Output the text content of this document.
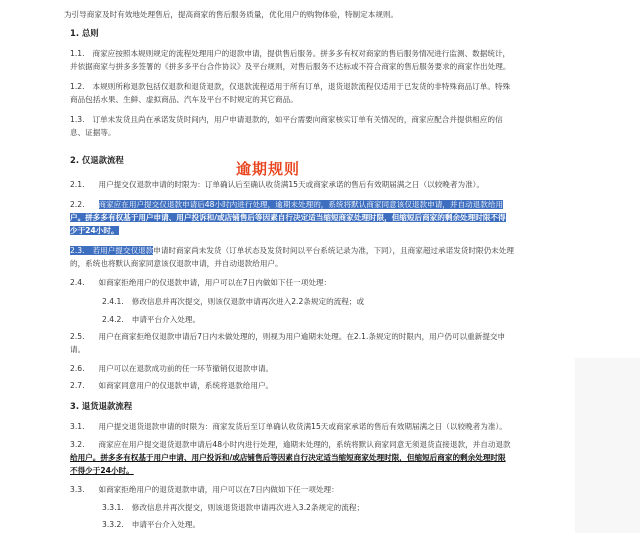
为引导商家及时有效地处理售后，提高商家的售后服务质量，优化用户的购物体验，特制定本规则。
1. 总则
1.1. 商家应按照本规则规定的流程处理用户的退款申请，提供售后服务。拼多多有权对商家的售后服务情况进行监测、数据统计，
并依据商家与拼多多签署的《拼多多平台合作协议》及平台规则，对售后服务不达标或不符合商家的售后服务要求的商家作出处理。
1.2. 本规则所称退款包括仅退款和退货退款，仅退款流程适用于所有订单，退货退款流程仅适用于已发货的非特殊商品订单。特殊
商品包括水果、生鲜、虚拟商品、汽车及平台不时规定的其它商品。
1.3. 订单未发货且尚在承诺发货时间内，用户申请退款的，如平台需要向商家核实订单有关情况的，商家应配合并提供相应的信
息、证据等。
2. 仅退款流程	逾期规则
2.1. 用户提交仅退款申请的时限为：订单确认后至确认收货满15天或商家承诺的售后有效期届满之日（以较晚者为准）。
2.2. 商家应在用户提交仅退款申请后48小时内进行处理，逾期未处理的，系统将默认商家同意该仅退款申请，并自动退款给用
户。拼多多有权基于用户申请、用户投诉和/或店铺售后等因素自行决定适当缩短商家处理时限，但缩短后商家的剩余处理时限不得
少于24小时。
2.3. 若用户提交仅退款申请时商家尚未发货（订单状态及发货时间以平台系统记录为准，下同），且商家超过承诺发货时限仍未处理
的，系统也将默认商家同意该仅退款申请，并自动退款给用户。
2.4. 如商家拒绝用户的仅退款申请，用户可以在7日内做如下任一项处理：
2.4.1. 修改信息并再次提交，则该仅退款申请再次进入2.2条规定的流程；或
2.4.2. 申请平台介入处理。
2.5. 用户在商家拒绝仅退款申请后7日内未做处理的，则视为用户逾期未处理。在2.1.条规定的时限内，用户仍可以重新提交申
请。
2.6. 用户可以在退款成功前的任一环节撤销仅退款申请。
2.7. 如商家同意用户的仅退款申请，系统将退款给用户。
3. 退货退款流程
3.1. 用户提交退货退款申请的时限为：商家发货后至订单确认收货满15天或商家承诺的售后有效期届满之日（以较晚者为准）。
3.2. 商家应在用户提交退货退款申请后48小时内进行处理，逾期未处理的，系统将默认商家同意无须退货直接退款，并自动退款
给用户。拼多多有权基于用户申请、用户投诉和/或店铺售后等因素自行决定适当缩短商家处理时限，但缩短后商家的剩余处理时限
不得少于24小时。
3.3. 如商家拒绝用户的退货退款申请，用户可以在7日内做如下任一项处理：
3.3.1. 修改信息并再次提交，则该退货退款申请再次进入3.2条规定的流程；
3.3.2. 申请平台介入处理。
